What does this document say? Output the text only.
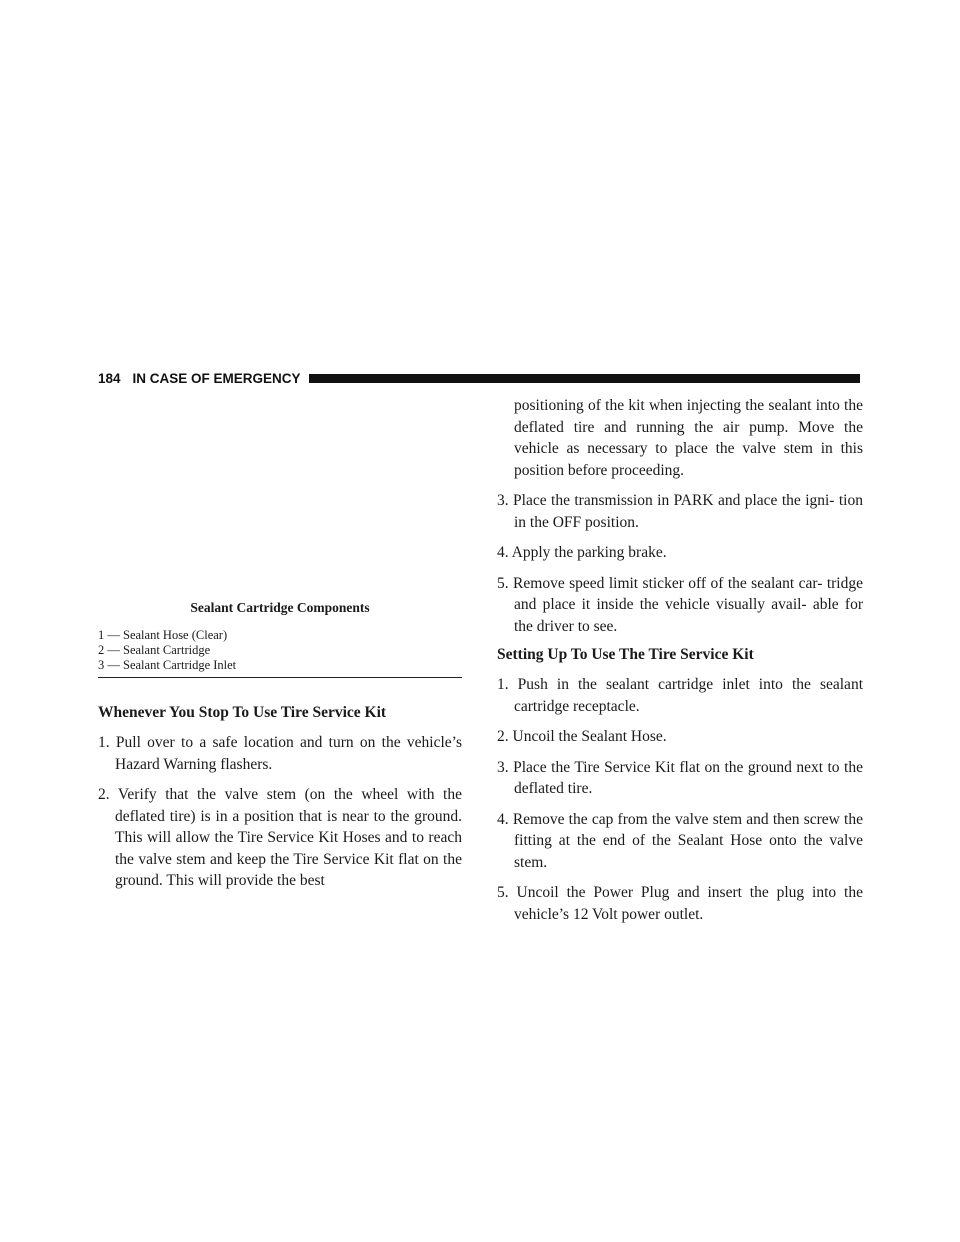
184 IN CASE OF EMERGENCY
Sealant Cartridge Components
1 — Sealant Hose (Clear)
2 — Sealant Cartridge
3 — Sealant Cartridge Inlet
Whenever You Stop To Use Tire Service Kit

1. Pull over to a safe location and turn on the vehicle’s Hazard Warning flashers.

2. Verify that the valve stem (on the wheel with the deflated tire) is in a position that is near to the ground. This will allow the Tire Service Kit Hoses and to reach the valve stem and keep the Tire Service Kit flat on the ground. This will provide the best

positioning of the kit when injecting the sealant into the deflated tire and running the air pump. Move the vehicle as necessary to place the valve stem in this position before proceeding.

3. Place the transmission in PARK and place the igni- tion in the OFF position.

4. Apply the parking brake.

5. Remove speed limit sticker off of the sealant car- tridge and place it inside the vehicle visually avail- able for the driver to see.

Setting Up To Use The Tire Service Kit

1. Push in the sealant cartridge inlet into the sealant cartridge receptacle.

2. Uncoil the Sealant Hose.

3. Place the Tire Service Kit flat on the ground next to the deflated tire.

4. Remove the cap from the valve stem and then screw the fitting at the end of the Sealant Hose onto the valve stem.

5. Uncoil the Power Plug and insert the plug into the vehicle’s 12 Volt power outlet.
